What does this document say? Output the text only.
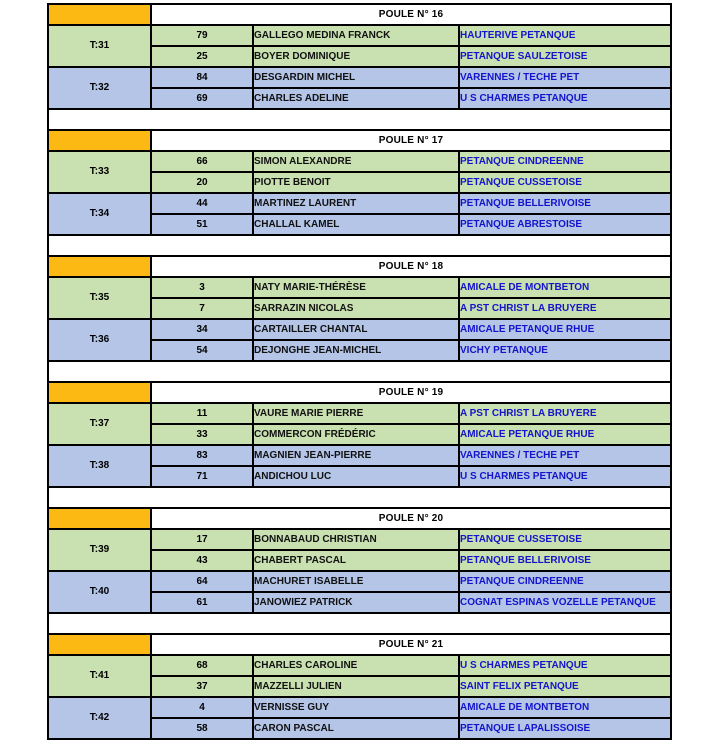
	POULE N° 16		
T:31	79	GALLEGO MEDINA FRANCK	HAUTERIVE PETANQUE
	25	BOYER DOMINIQUE	PETANQUE SAULZETOISE
T:32	84	DESGARDIN MICHEL	VARENNES / TECHE PET
	69	CHARLES ADELINE	U S CHARMES PETANQUE

	POULE N° 17		
T:33	66	SIMON ALEXANDRE	PETANQUE CINDREENNE
	20	PIOTTE BENOIT	PETANQUE CUSSETOISE
T:34	44	MARTINEZ LAURENT	PETANQUE BELLERIVOISE
	51	CHALLAL KAMEL	PETANQUE ABRESTOISE

	POULE N° 18		
T:35	3	NATY MARIE-THÉRÈSE	AMICALE DE MONTBETON
	7	SARRAZIN NICOLAS	A PST CHRIST LA BRUYERE
T:36	34	CARTAILLER CHANTAL	AMICALE PETANQUE RHUE
	54	DEJONGHE JEAN-MICHEL	VICHY PETANQUE

	POULE N° 19		
T:37	11	VAURE MARIE PIERRE	A PST CHRIST LA BRUYERE
	33	COMMERCON FRÉDÉRIC	AMICALE PETANQUE RHUE
T:38	83	MAGNIEN JEAN-PIERRE	VARENNES / TECHE PET
	71	ANDICHOU LUC	U S CHARMES PETANQUE

	POULE N° 20		
T:39	17	BONNABAUD CHRISTIAN	PETANQUE CUSSETOISE
	43	CHABERT PASCAL	PETANQUE BELLERIVOISE
T:40	64	MACHURET ISABELLE	PETANQUE CINDREENNE
	61	JANOWIEZ PATRICK	COGNAT ESPINAS VOZELLE PETANQUE

	POULE N° 21		
T:41	68	CHARLES CAROLINE	U S CHARMES PETANQUE
	37	MAZZELLI JULIEN	SAINT FELIX PETANQUE
T:42	4	VERNISSE GUY	AMICALE DE MONTBETON
	58	CARON PASCAL	PETANQUE LAPALISSOISE
